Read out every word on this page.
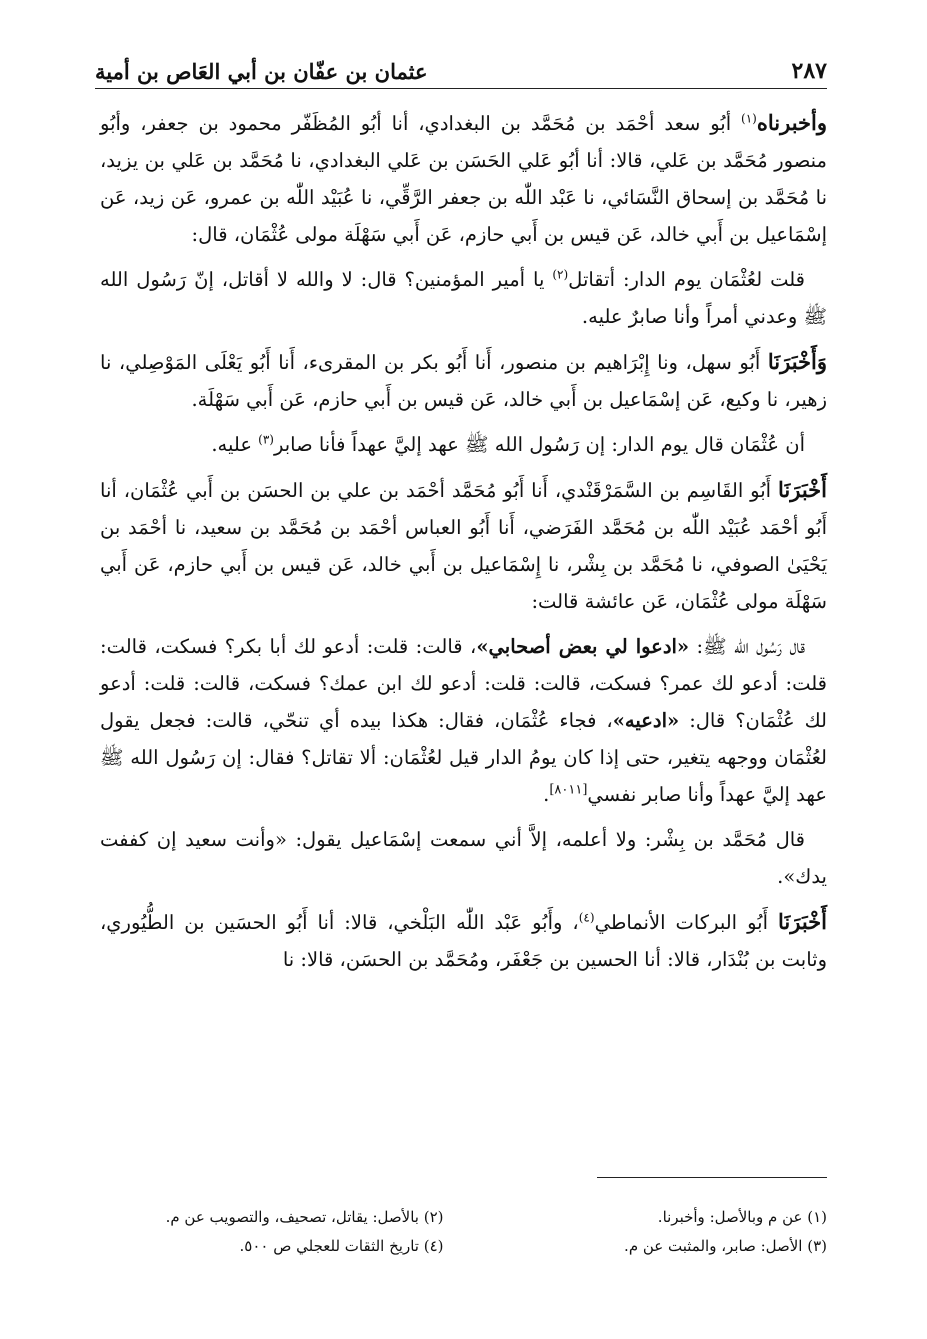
عثمان بن عفّان بن أبي العَاص بن أمية	٢٨٧

وأخبرناه$^{(١)}$ أبُو سعد أحْمَد بن مُحَمَّد بن البغدادي، أنا أبُو المُظَفّر محمود بن جعفر، وأبُو منصور مُحَمَّد بن عَلي، قالا: أنا أبُو عَلي الحَسَن بن عَلي البغدادي، نا مُحَمَّد بن عَلي بن يزيد، نا مُحَمَّد بن إسحاق النَّسَائي، نا عَبْد اللّٰه بن جعفر الرَّقِّي، نا عُبَيْد اللّٰه بن عمرو، عَن زيد، عَن إسْمَاعيل بن أَبي خالد، عَن قيس بن أَبي حازم، عَن أَبي سَهْلَة مولى عُثْمَان، قال:

قلت لعُثْمَان يوم الدار: أتقاتل$^{(٢)}$ يا أمير المؤمنين؟ قال: لا والله لا أقاتل، إنّ رَسُول الله ﷺ وعدني أمراً وأنا صابرٌ عليه.

وَأَخْبَرَنَا أَبُو سهل، ونا إِبْرَاهيم بن منصور، أَنا أَبُو بكر بن المقرىء، أَنا أَبُو يَعْلَى المَوْصِلي، نا زهير، نا وكيع، عَن إسْمَاعيل بن أَبي خالد، عَن قيس بن أَبي حازم، عَن أَبي سَهْلَة.

أن عُثْمَان قال يوم الدار: إن رَسُول الله ﷺ عهد إليَّ عهداً فأنا صابر$^{(٣)}$ عليه.

أَخْبَرَنَا أَبُو القَاسِم بن السَّمَرْقَنْدي، أَنا أَبُو مُحَمَّد أحْمَد بن علي بن الحسَن بن أَبي عُثْمَان، أنا أَبُو أحْمَد عُبَيْد اللّٰه بن مُحَمَّد الفَرَضي، أَنا أَبُو العباس أحْمَد بن مُحَمَّد بن سعيد، نا أحْمَد بن يَحْيَىٰ الصوفي، نا مُحَمَّد بن بِشْر، نا إِسْمَاعيل بن أَبي خالد، عَن قيس بن أَبي حازم، عَن أَبي سَهْلَة مولى عُثْمَان، عَن عائشة قالت:

قال رَسُول الله ﷺ: «ادعوا لي بعض أصحابي»، قالت: قلت: أدعو لك أبا بكر؟ فسكت، قالت: قلت: أدعو لك عمر؟ فسكت، قالت: قلت: أدعو لك ابن عمك؟ فسكت، قالت: قلت: أدعو لك عُثْمَان؟ قال: «ادعيه»، فجاء عُثْمَان، فقال: هكذا بيده أي تنحّي، قالت: فجعل يقول لعُثْمَان ووجهه يتغير، حتى إذا كان يومُ الدار قيل لعُثْمَان: ألا تقاتل؟ فقال: إن رَسُول الله ﷺ عهد إليَّ عهداً وأنا صابر نفسي[٨٠١١].

قال مُحَمَّد بن بِشْر: ولا أعلمه، إلاَّ أني سمعت إسْمَاعيل يقول: «وأنت سعيد إن كففت يدك».

أَخْبَرَنَا أَبُو البركات الأنماطي$^{(٤)}$، وأَبُو عَبْد اللّٰه البَلْخي، قالا: أنا أَبُو الحسَين بن الطُّيُوري، وثابت بن بُنْدَار، قالا: أنا الحسين بن جَعْفَر، ومُحَمَّد بن الحسَن، قالا: نا

(١) عن م وبالأصل: وأخبرنا.
(٢) بالأصل: يقاتل، تصحيف، والتصويب عن م.
(٣) الأصل: صابر، والمثبت عن م.
(٤) تاريخ الثقات للعجلي ص ٥٠٠.
